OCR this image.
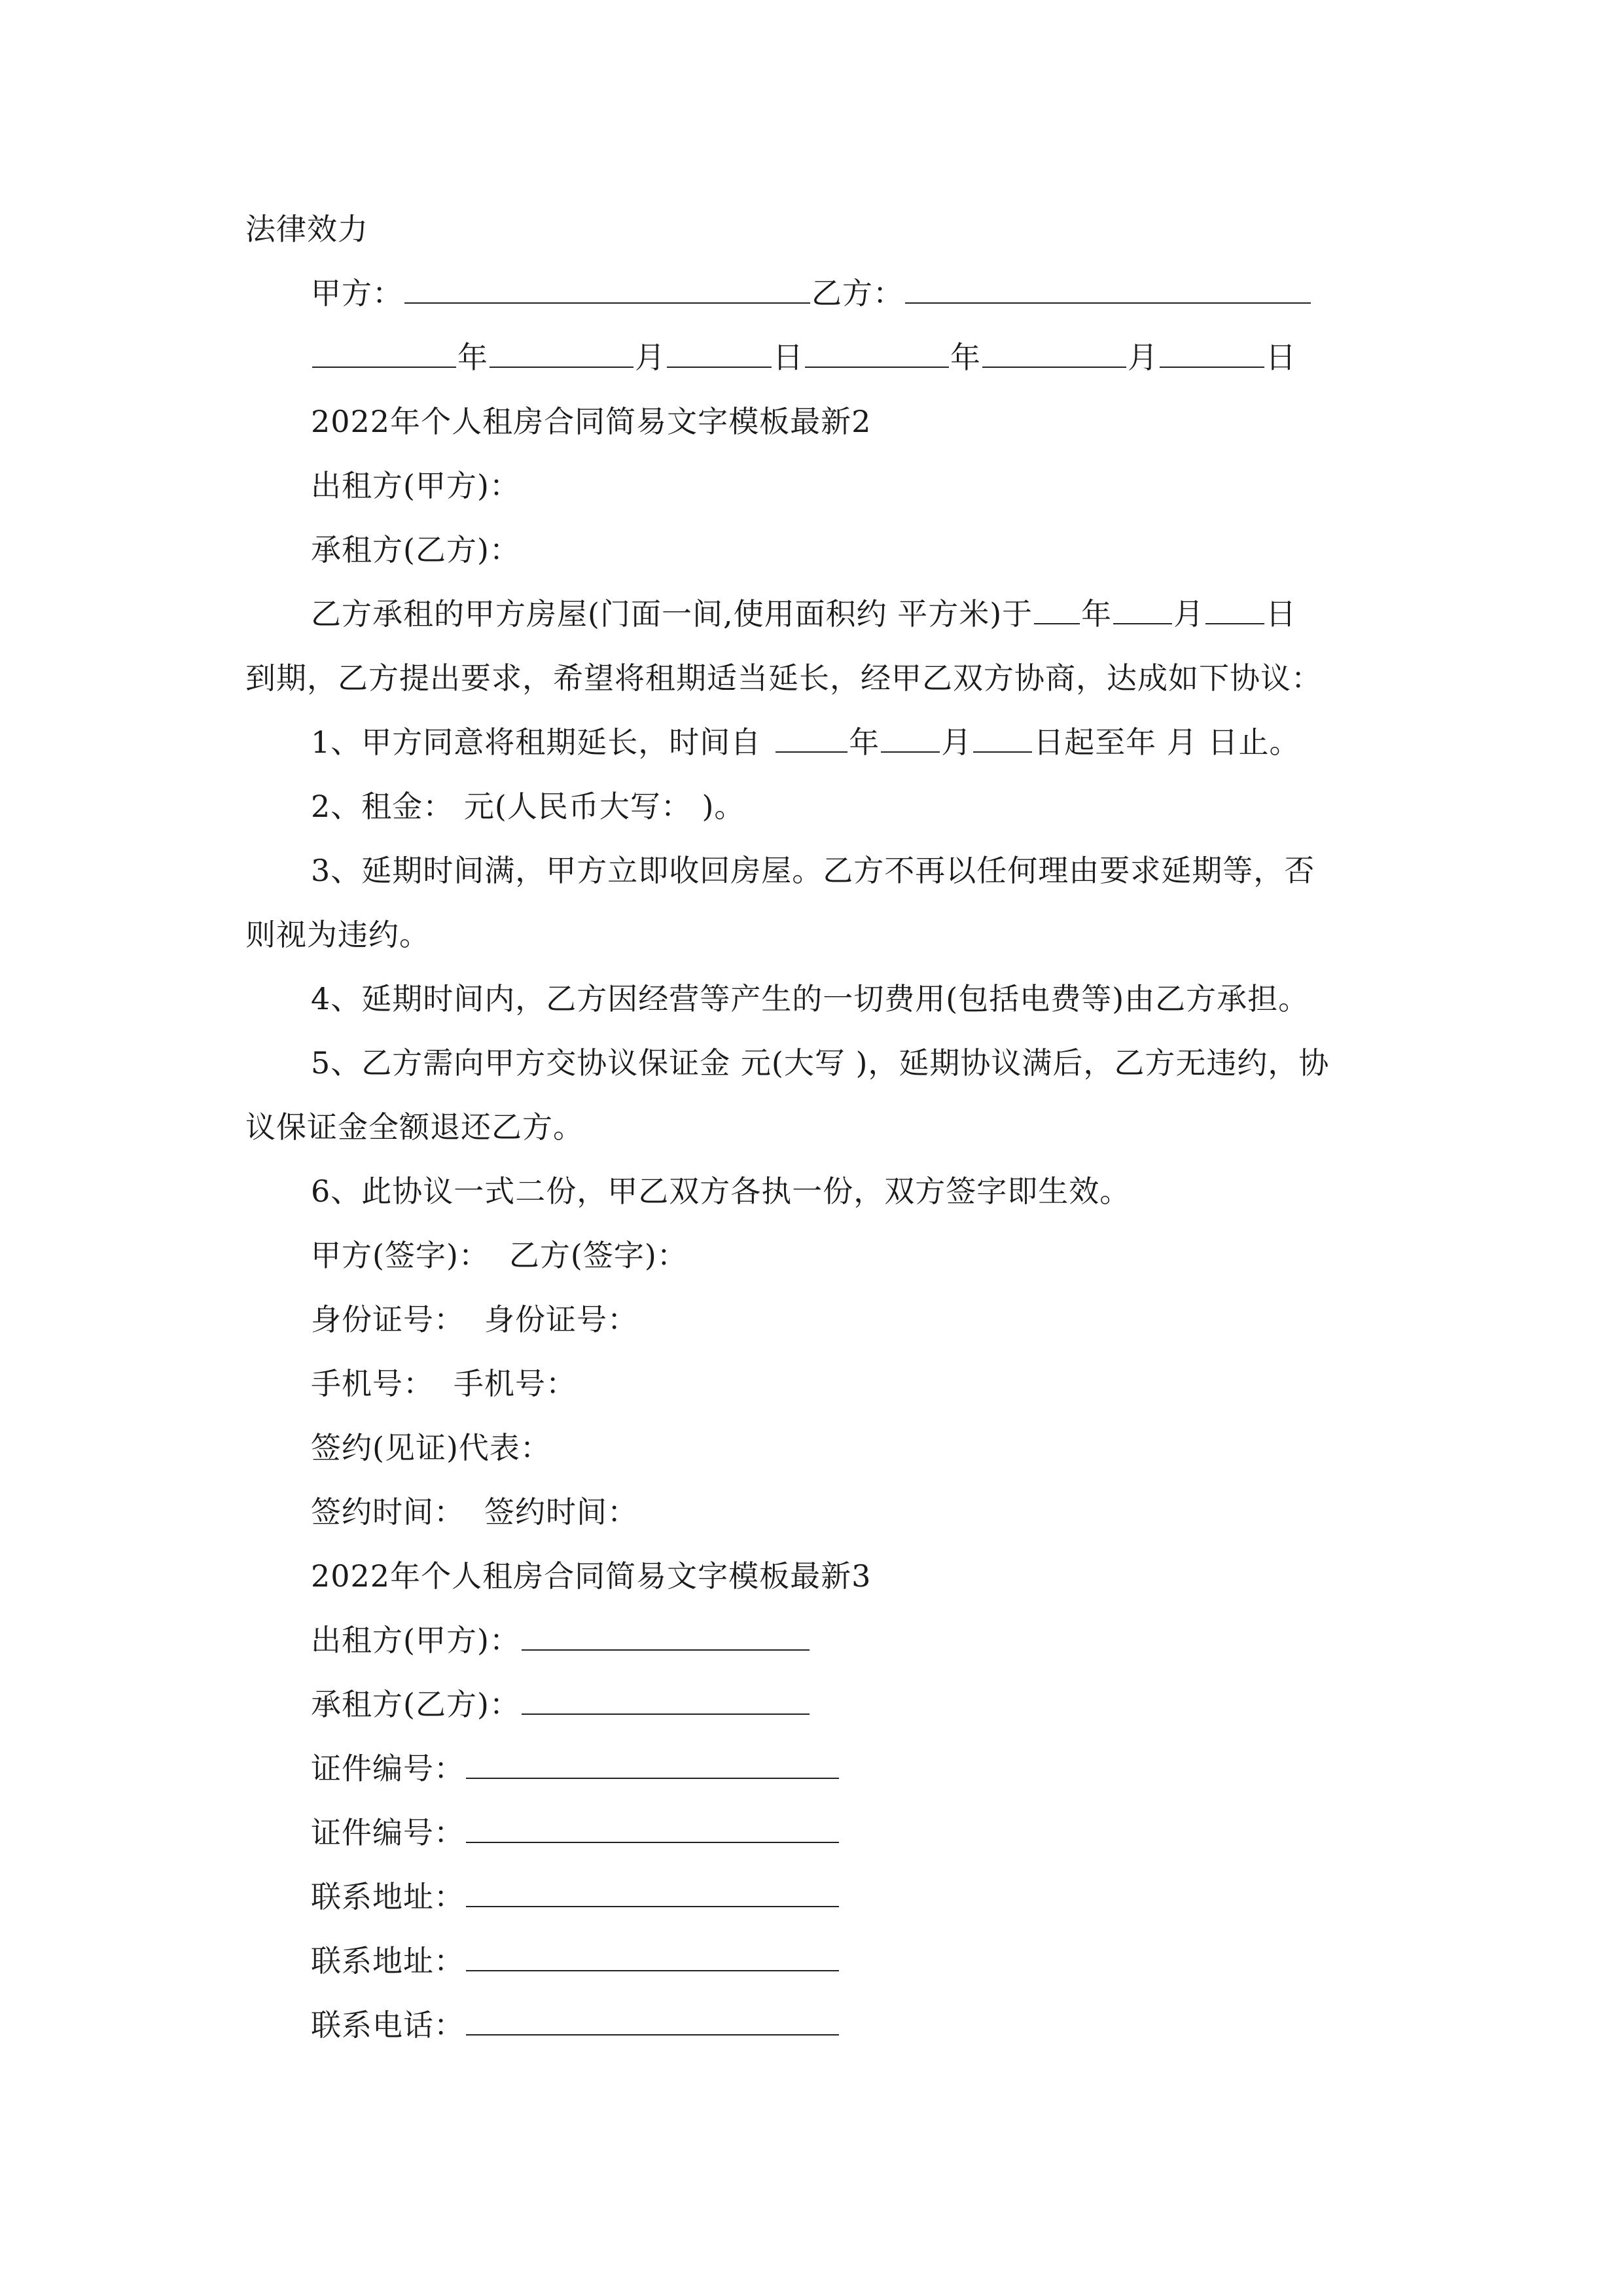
法律效力
甲方：	乙方：
年	月	日	年	月	日
2022年个人租房合同简易文字模板最新2
出租方(甲方)：
承租方(乙方)：
乙方承租的甲方房屋(门面一间,使用面积约 平方米)于 年 月 日
到期，乙方提出要求，希望将租期适当延长，经甲乙双方协商，达成如下协议：
1、甲方同意将租期延长，时间自	年 月 日起至年 月 日止。
2、租金： 元(人民币大写： )。
3、延期时间满，甲方立即收回房屋。乙方不再以任何理由要求延期等，否
则视为违约。
4、延期时间内，乙方因经营等产生的一切费用(包括电费等)由乙方承担。
5、乙方需向甲方交协议保证金 元(大写 )，延期协议满后，乙方无违约，协
议保证金全额退还乙方。
6、此协议一式二份，甲乙双方各执一份，双方签字即生效。
甲方(签字)： 乙方(签字)：
身份证号： 身份证号：
手机号： 手机号：
签约(见证)代表：
签约时间： 签约时间：
2022年个人租房合同简易文字模板最新3
出租方(甲方)：
承租方(乙方)：
证件编号：
证件编号：
联系地址：
联系地址：
联系电话：
